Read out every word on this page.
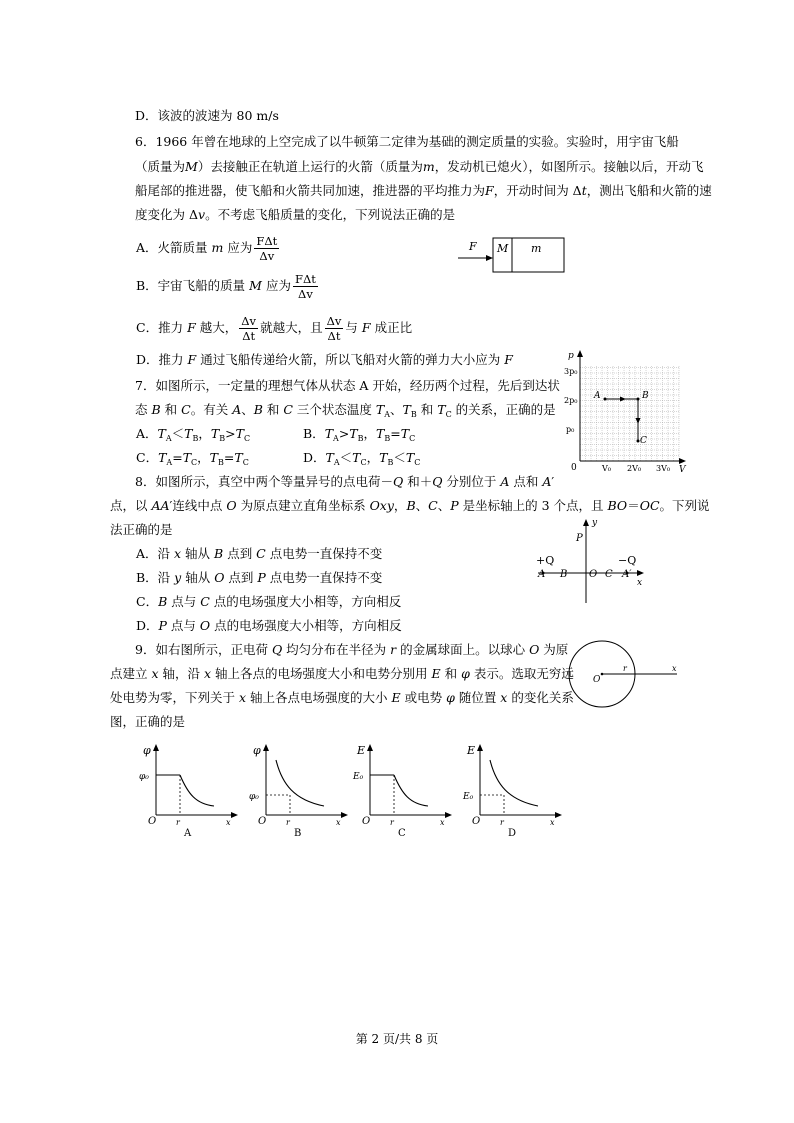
D．该波的波速为 80 m/s
6．1966 年曾在地球的上空完成了以牛顿第二定律为基础的测定质量的实验。实验时，用宇宙飞船
（质量为M）去接触正在轨道上运行的火箭（质量为m，发动机已熄火），如图所示。接触以后，开动飞
船尾部的推进器，使飞船和火箭共同加速，推进器的平均推力为F，开动时间为 Δt，测出飞船和火箭的速
度变化为 Δv。不考虑飞船质量的变化，下列说法正确的是
A．火箭质量 m 应为 $\frac{\text{FΔt}}{\Delta v}$
B．宇宙飞船的质量 M 应为 $\frac{\text{FΔt}}{\Delta v}$
C．推力 F 越大， $\frac{\Delta v}{\Delta t}$ 就越大，且 $\frac{\Delta v}{\Delta t}$ 与 F 成正比
D．推力 F 通过飞船传递给火箭，所以飞船对火箭的弹力大小应为 F
F M m
7．如图所示，一定量的理想气体从状态 A 开始，经历两个过程，先后到达状
态 B 和 C。有关 A、B 和 C 三个状态温度 $T_A$、$T_B$ 和 $T_C$ 的关系，正确的是
A．$T_A<T_B$，$T_B>T_C$	B．$T_A>T_B$，$T_B=T_C$
C．$T_A=T_C$，$T_B=T_C$	D．$T_A<T_C$，$T_B<T_C$
p
V
0
3p₀
2p₀
p₀
V₀ 2V₀ 3V₀
A	B
C
8．如图所示，真空中两个等量异号的点电荷－Q 和＋Q 分别位于 A 点和 A′
点，以 AA′连线中点 O 为原点建立直角坐标系 Oxy，B、C、P 是坐标轴上的 3 个点，且 BO＝OC。下列说
法正确的是
A．沿 x 轴从 B 点到 C 点电势一直保持不变
B．沿 y 轴从 O 点到 P 点电势一直保持不变
C．B 点与 C 点的电场强度大小相等，方向相反
D．P 点与 O 点的电场强度大小相等，方向相反
y
x
P
+Q	−Q
A B O C A′
9．如右图所示，正电荷 Q 均匀分布在半径为 r 的金属球面上。以球心 O 为原
点建立 x 轴，沿 x 轴上各点的电场强度大小和电势分别用 E 和 φ 表示。选取无穷远
处电势为零，下列关于 x 轴上各点电场强度的大小 E 或电势 φ 随位置 x 的变化关系
图，正确的是
O
r	x
φ
φ₀
O r	x
A
φ
φ₀
O r	x
B
E
E₀
O r	x
C
E
E₀
O r	x
D
第 2 页/共 8 页
